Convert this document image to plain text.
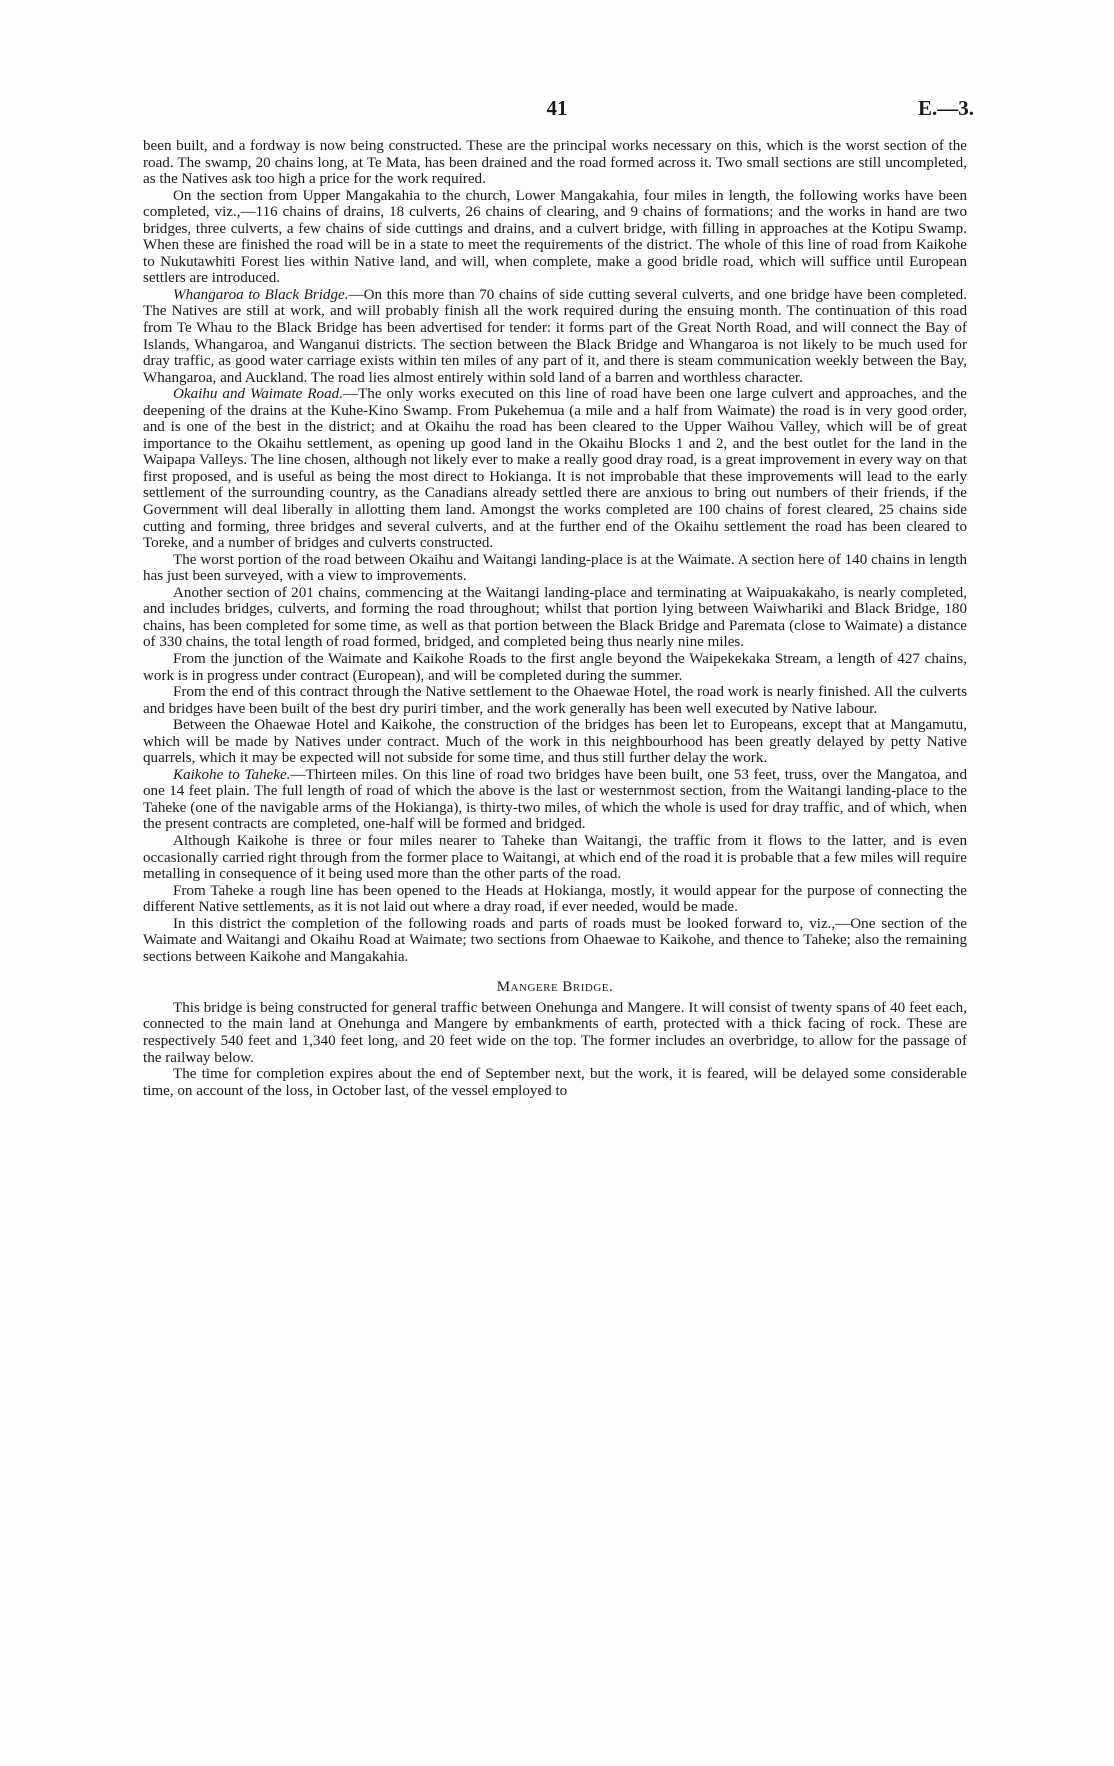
41	E.—3.

been built, and a fordway is now being constructed. These are the principal works necessary on this, which is the worst section of the road. The swamp, 20 chains long, at Te Mata, has been drained and the road formed across it. Two small sections are still uncompleted, as the Natives ask too high a price for the work required.

On the section from Upper Mangakahia to the church, Lower Mangakahia, four miles in length, the following works have been completed, viz.,—116 chains of drains, 18 culverts, 26 chains of clearing, and 9 chains of formations; and the works in hand are two bridges, three culverts, a few chains of side cuttings and drains, and a culvert bridge, with filling in approaches at the Kotipu Swamp. When these are finished the road will be in a state to meet the requirements of the district. The whole of this line of road from Kaikohe to Nukutawhiti Forest lies within Native land, and will, when complete, make a good bridle road, which will suffice until European settlers are introduced.

Whangaroa to Black Bridge.—On this more than 70 chains of side cutting several culverts, and one bridge have been completed. The Natives are still at work, and will probably finish all the work required during the ensuing month. The continuation of this road from Te Whau to the Black Bridge has been advertised for tender: it forms part of the Great North Road, and will connect the Bay of Islands, Whangaroa, and Wanganui districts. The section between the Black Bridge and Whangaroa is not likely to be much used for dray traffic, as good water carriage exists within ten miles of any part of it, and there is steam communication weekly between the Bay, Whangaroa, and Auckland. The road lies almost entirely within sold land of a barren and worthless character.

Okaihu and Waimate Road.—The only works executed on this line of road have been one large culvert and approaches, and the deepening of the drains at the Kuhe-Kino Swamp. From Pukehemua (a mile and a half from Waimate) the road is in very good order, and is one of the best in the district; and at Okaihu the road has been cleared to the Upper Waihou Valley, which will be of great importance to the Okaihu settlement, as opening up good land in the Okaihu Blocks 1 and 2, and the best outlet for the land in the Waipapa Valleys. The line chosen, although not likely ever to make a really good dray road, is a great improvement in every way on that first proposed, and is useful as being the most direct to Hokianga. It is not improbable that these improvements will lead to the early settlement of the surrounding country, as the Canadians already settled there are anxious to bring out numbers of their friends, if the Government will deal liberally in allotting them land. Amongst the works completed are 100 chains of forest cleared, 25 chains side cutting and forming, three bridges and several culverts, and at the further end of the Okaihu settlement the road has been cleared to Toreke, and a number of bridges and culverts constructed.

The worst portion of the road between Okaihu and Waitangi landing-place is at the Waimate. A section here of 140 chains in length has just been surveyed, with a view to improvements.

Another section of 201 chains, commencing at the Waitangi landing-place and terminating at Waipuakakaho, is nearly completed, and includes bridges, culverts, and forming the road throughout; whilst that portion lying between Waiwhariki and Black Bridge, 180 chains, has been completed for some time, as well as that portion between the Black Bridge and Paremata (close to Waimate) a distance of 330 chains, the total length of road formed, bridged, and completed being thus nearly nine miles.

From the junction of the Waimate and Kaikohe Roads to the first angle beyond the Waipekekaka Stream, a length of 427 chains, work is in progress under contract (European), and will be completed during the summer.

From the end of this contract through the Native settlement to the Ohaewae Hotel, the road work is nearly finished. All the culverts and bridges have been built of the best dry puriri timber, and the work generally has been well executed by Native labour.

Between the Ohaewae Hotel and Kaikohe, the construction of the bridges has been let to Europeans, except that at Mangamutu, which will be made by Natives under contract. Much of the work in this neighbourhood has been greatly delayed by petty Native quarrels, which it may be expected will not subside for some time, and thus still further delay the work.

Kaikohe to Taheke.—Thirteen miles. On this line of road two bridges have been built, one 53 feet, truss, over the Mangatoa, and one 14 feet plain. The full length of road of which the above is the last or westernmost section, from the Waitangi landing-place to the Taheke (one of the navigable arms of the Hokianga), is thirty-two miles, of which the whole is used for dray traffic, and of which, when the present contracts are completed, one-half will be formed and bridged.

Although Kaikohe is three or four miles nearer to Taheke than Waitangi, the traffic from it flows to the latter, and is even occasionally carried right through from the former place to Waitangi, at which end of the road it is probable that a few miles will require metalling in consequence of it being used more than the other parts of the road.

From Taheke a rough line has been opened to the Heads at Hokianga, mostly, it would appear for the purpose of connecting the different Native settlements, as it is not laid out where a dray road, if ever needed, would be made.

In this district the completion of the following roads and parts of roads must be looked forward to, viz.,—One section of the Waimate and Waitangi and Okaihu Road at Waimate; two sections from Ohaewae to Kaikohe, and thence to Taheke; also the remaining sections between Kaikohe and Mangakahia.

Mangere Bridge.

This bridge is being constructed for general traffic between Onehunga and Mangere. It will consist of twenty spans of 40 feet each, connected to the main land at Onehunga and Mangere by embankments of earth, protected with a thick facing of rock. These are respectively 540 feet and 1,340 feet long, and 20 feet wide on the top. The former includes an overbridge, to allow for the passage of the railway below.

The time for completion expires about the end of September next, but the work, it is feared, will be delayed some considerable time, on account of the loss, in October last, of the vessel employed to
